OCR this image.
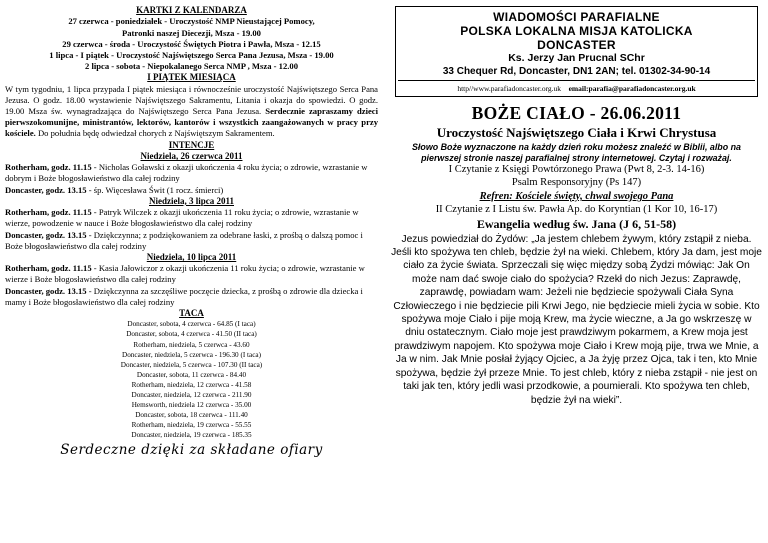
KARTKI Z KALENDARZA
27 czerwca - poniedziałek - Uroczystość NMP Nieustającej Pomocy,
Patronki naszej Diecezji, Msza - 19.00
29 czerwca - środa - Uroczystość Świętych Piotra i Pawła, Msza - 12.15
1 lipca - I piątek - Uroczystość Najświętszego Serca Pana Jezusa, Msza - 19.00
2 lipca - sobota - Niepokalanego Serca NMP , Msza - 12.00
I PIĄTEK MIESIĄCA
W tym tygodniu, 1 lipca przypada I piątek miesiąca i równocześnie uroczystość Najświętszego Serca Pana Jezusa. O godz. 18.00 wystawienie Najświętszego Sakramentu, Litania i okazja do spowiedzi. O godz. 19.00 Msza św. wynagradzająca do Najświętszego Serca Pana Jezusa. Serdecznie zapraszamy dzieci pierwszokomunijne, ministrantów, lektorów, kantorów i wszystkich zaangażowanych w pracy przy kościele. Do południa będę odwiedzał chorych z Najświętszym Sakramentem.
INTENCJE
Niedziela, 26 czerwca 2011
Rotherham, godz. 11.15 - Nicholas Goławski z okazji ukończenia 4 roku życia; o zdrowie, wzrastanie w dobrym i Boże błogosławieństwo dla całej rodziny
Doncaster, godz. 13.15 - śp. Więcesława Świt (1 rocz. śmierci)
Niedziela, 3 lipca 2011
Rotherham, godz. 11.15 - Patryk Wilczek z okazji ukończenia 11 roku życia; o zdrowie, wzrastanie w wierze, powodzenie w nauce i Boże błogosławieństwo dla całej rodziny
Doncaster, godz. 13.15 - Dziękczynna; z podziękowaniem za odebrane łaski, z prośbą o dalszą pomoc i Boże błogosławieństwo dla całej rodziny
Niedziela, 10 lipca 2011
Rotherham, godz. 11.15 - Kasia Jałowiczor z okazji ukończenia 11 roku życia; o zdrowie, wzrastanie w wierze i Boże błogosławieństwo dla całej rodziny
Doncaster, godz. 13.15 - Dziękczynna za szczęśliwe poczęcie dziecka, z prośbą o zdrowie dla dziecka i mamy i Boże błogosławieństwo dla całej rodziny
TACA
Doncaster, sobota, 4 czerwca - 64.85 (I taca)
Doncaster, sobota, 4 czerwca - 41.50 (II taca)
Rotherham, niedziela, 5 czerwca - 43.60
Doncaster, niedziela, 5 czerwca - 196.30 (I taca)
Doncaster, niedziela, 5 czerwca - 107.30 (II taca)
Doncaster, sobota, 11 czerwca - 84.40
Rotherham, niedziela, 12 czerwca - 41.58
Doncaster, niedziela, 12 czerwca - 211.90
Hemsworth, niedziela 12 czerwca - 35.00
Doncaster, sobota, 18 czerwca - 111.40
Rotherham, niedziela, 19 czerwca - 55.55
Doncaster, niedziela, 19 czerwca - 185.35
Serdeczne dzięki za składane ofiary
WIADOMOŚCI PARAFIALNE
POLSKA LOKALNA MISJA KATOLICKA
DONCASTER
Ks. Jerzy Jan Prucnal SChr
33 Chequer Rd, Doncaster, DN1 2AN; tel. 01302-34-90-14
http//www.parafiadoncaster.org.uk email:parafia@parafiadoncaster.org.uk
BOŻE CIAŁO - 26.06.2011
Uroczystość Najświętszego Ciała i Krwi Chrystusa
Słowo Boże wyznaczone na każdy dzień roku możesz znaleźć w Biblii, albo na pierwszej stronie naszej parafialnej strony internetowej. Czytaj i rozważaj.
I Czytanie z Księgi Powtórzonego Prawa (Pwt 8, 2-3. 14-16)
Psalm Responsoryjny (Ps 147)
Refren: Kościele święty, chwal swojego Pana
II Czytanie z I Listu św. Pawła Ap. do Koryntian (1 Kor 10, 16-17)
Ewangelia według św. Jana (J 6, 51-58)
Jezus powiedział do Żydów: „Ja jestem chlebem żywym, który zstąpił z nieba. Jeśli kto spożywa ten chleb, będzie żył na wieki. Chlebem, który Ja dam, jest moje ciało za życie świata. Sprzeczali się więc między sobą Żydzi mówiąc: Jak On może nam dać swoje ciało do spożycia? Rzekł do nich Jezus: Zaprawdę, zaprawdę, powiadam wam: Jeżeli nie będziecie spożywali Ciała Syna Człowieczego i nie będziecie pili Krwi Jego, nie będziecie mieli życia w sobie. Kto spożywa moje Ciało i pije moją Krew, ma życie wieczne, a Ja go wskrzeszę w dniu ostatecznym. Ciało moje jest prawdziwym pokarmem, a Krew moja jest prawdziwym napojem. Kto spożywa moje Ciało i Krew moją pije, trwa we Mnie, a Ja w nim. Jak Mnie posłał żyjący Ojciec, a Ja żyję przez Ojca, tak i ten, kto Mnie spożywa, będzie żył przeze Mnie. To jest chleb, który z nieba zstąpił - nie jest on taki jak ten, który jedli wasi przodkowie, a poumierali. Kto spożywa ten chleb, będzie żył na wieki”.
